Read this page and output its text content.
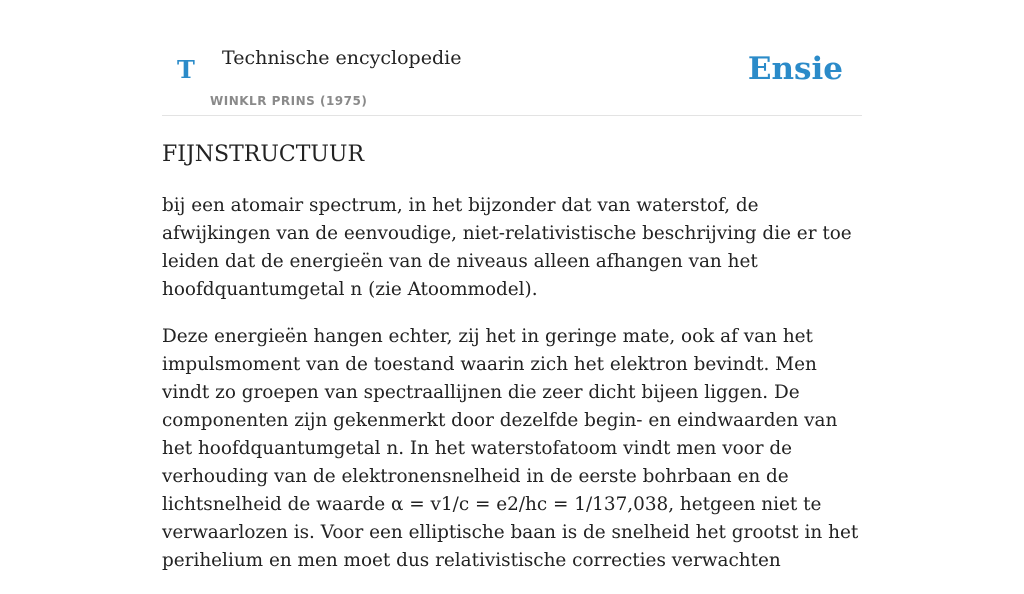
T Technische encyclopedie
WINKLR PRINS (1975)
Ensie
FIJNSTRUCTUUR

bij een atomair spectrum, in het bijzonder dat van waterstof, de afwijkingen van de eenvoudige, niet-relativistische beschrijving die er toe leiden dat de energieën van de niveaus alleen afhangen van het hoofdquantumgetal n (zie Atoommodel).

Deze energieën hangen echter, zij het in geringe mate, ook af van het impulsmoment van de toestand waarin zich het elektron bevindt. Men vindt zo groepen van spectraallijnen die zeer dicht bijeen liggen. De componenten zijn gekenmerkt door dezelfde begin- en eindwaarden van het hoofdquantumgetal n. In het waterstofatoom vindt men voor de verhouding van de elektronensnelheid in de eerste bohrbaan en de lichtsnelheid de waarde α = v1/c = e2/hc = 1/137,038, hetgeen niet te verwaarlozen is. Voor een elliptische baan is de snelheid het grootst in het perihelium en men moet dus relativistische correcties verwachten
